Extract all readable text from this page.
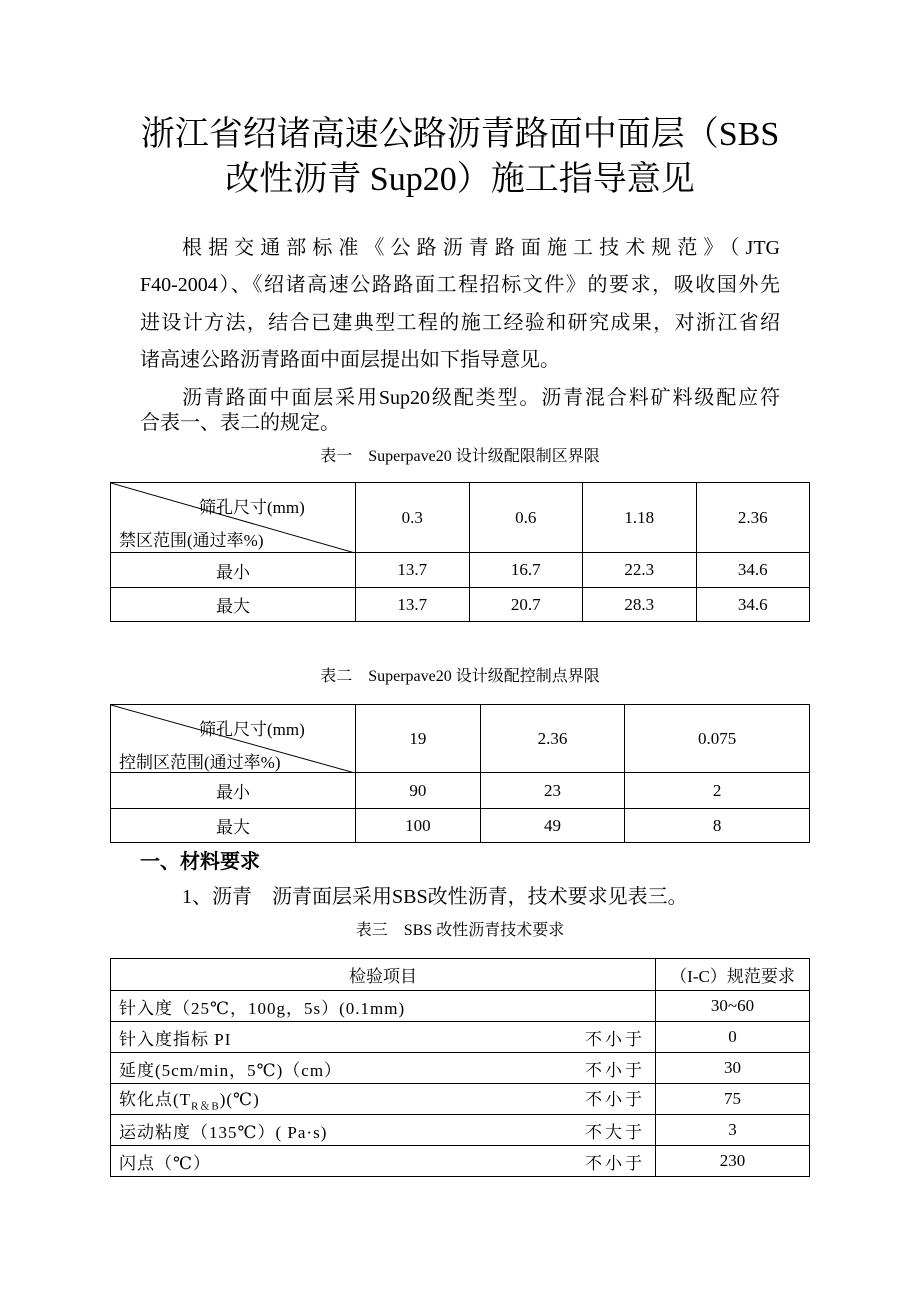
浙江省绍诸高速公路沥青路面中面层（SBS
改性沥青 Sup20）施工指导意见
根据交通部标准《公路沥青路面施工技术规范》（JTG
F40-2004）、《绍诸高速公路路面工程招标文件》的要求，吸收国外先
进设计方法，结合已建典型工程的施工经验和研究成果，对浙江省绍
诸高速公路沥青路面中面层提出如下指导意见。
沥青路面中面层采用Sup20级配类型。沥青混合料矿料级配应符
合表一、表二的规定。
表一　Superpave20 设计级配限制区界限
筛孔尺寸(mm)
禁区范围(通过率%)	0.3	0.6	1.18	2.36
最小	13.7	16.7	22.3	34.6
最大	13.7	20.7	28.3	34.6
表二　Superpave20 设计级配控制点界限
筛孔尺寸(mm)
控制区范围(通过率%)	19	2.36	0.075
最小	90	23	2
最大	100	49	8
一、材料要求
1、沥青　沥青面层采用SBS改性沥青，技术要求见表三。
表三　SBS 改性沥青技术要求
检验项目	（I-C）规范要求
针入度（25℃，100g，5s）(0.1mm)	30~60
针入度指标 PI 不小于	0
延度(5cm/min，5℃)（cm） 不小于	30
软化点$(T_{R\&B})(℃)$ 不小于	75
运动粘度（135℃）( Pa·s) 不大于	3
闪点（℃） 不小于	230
